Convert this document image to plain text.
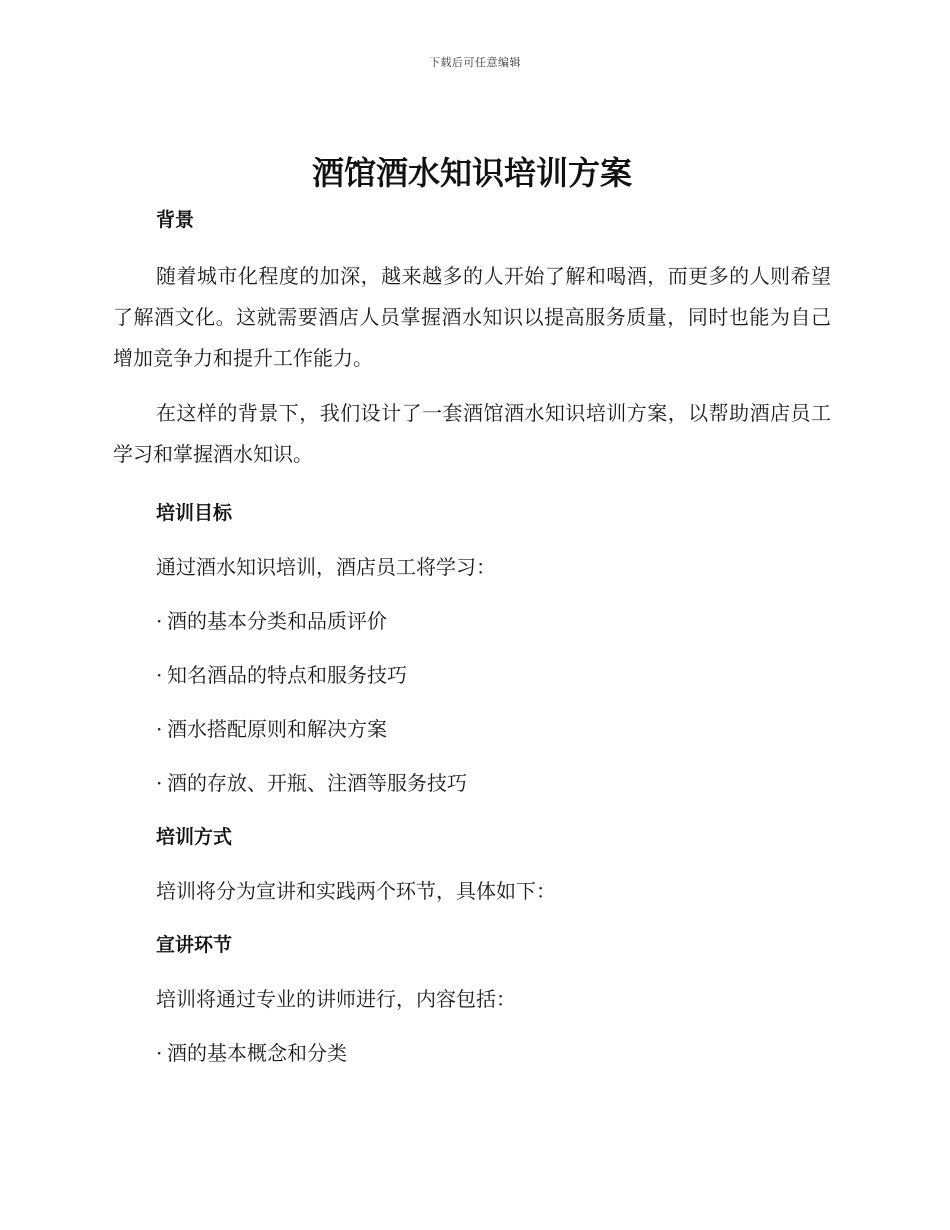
下载后可任意编辑
酒馆酒水知识培训方案
背景

随着城市化程度的加深，越来越多的人开始了解和喝酒，而更多的人则希望了解酒文化。这就需要酒店人员掌握酒水知识以提高服务质量，同时也能为自己增加竞争力和提升工作能力。

在这样的背景下，我们设计了一套酒馆酒水知识培训方案，以帮助酒店员工学习和掌握酒水知识。

培训目标

通过酒水知识培训，酒店员工将学习：

· 酒的基本分类和品质评价
· 知名酒品的特点和服务技巧
· 酒水搭配原则和解决方案
· 酒的存放、开瓶、注酒等服务技巧
培训方式

培训将分为宣讲和实践两个环节，具体如下：

宣讲环节

培训将通过专业的讲师进行，内容包括：

· 酒的基本概念和分类
